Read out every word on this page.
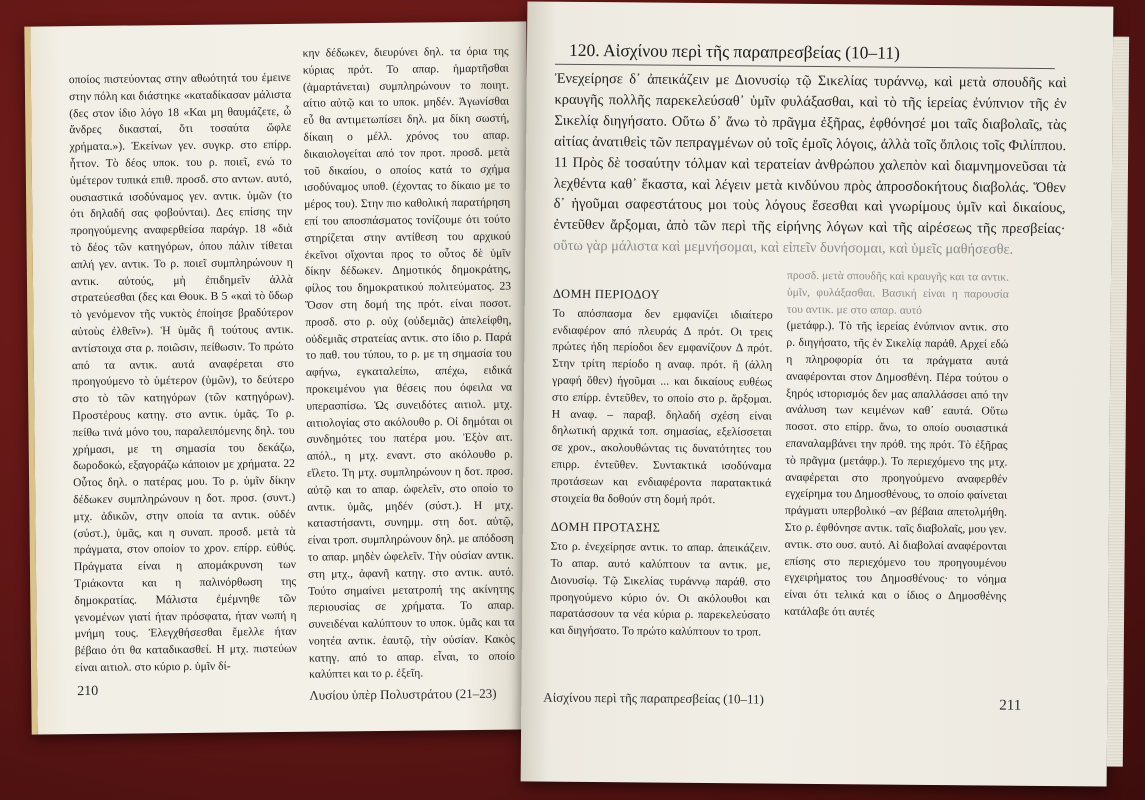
οποίος πιστεύοντας στην αθωότητά του έμεινε στην πόλη και διάστηκε «καταδίκασαν μάλιστα (δες στον ίδιο λόγο 18 «Και μη θαυμάζετε, ὦ ἄνδρες δικασταί, ὅτι τοσαύτα ὤφλε χρήματα.»). Ἐκείνων γεν. συγκρ. στο επίρρ. ἧττον. Τὸ δέος υποκ. του ρ. ποιεῖ, ενώ το ὑμέτερον τυπικά επιθ. προσδ. στο αντων. αυτό, ουσιαστικά ισοδύναμος γεν. αντικ. ὑμῶν (το ότι δηλαδή σας φοβούνται). Δες επίσης την προηγούμενης αναφερθείσα παράγρ. 18 «διὰ τὸ δέος τῶν κατηγόρων, όπου πάλιν τίθεται απλή γεν. αντικ. Το ρ. ποιεῖ συμπληρώνουν η αντικ. αὐτούς, μὴ ἐπιδημεῖν ἀλλὰ στρατεύεσθαι (δες και Θουκ. Β 5 «καὶ τὸ ὕδωρ τὸ γενόμενον τῆς νυκτὸς ἐποίησε βραδύτερον αὐτοὺς ἐλθεῖν»). Ἡ ὑμᾶς ἢ τούτους αντικ. αντίστοιχα στα ρ. ποιῶσιν, πείθωσιν. Το πρώτο από τα αντικ. αυτά αναφέρεται στο προηγούμενο τὸ ὑμέτερον (ὑμῶν), το δεύτερο στο τὸ τῶν κατηγόρων (τῶν κατηγόρων). Προστέρους κατηγ. στο αντικ. ὑμᾶς. Το ρ. πείθω τινά μόνο του, παραλειπόμενης δηλ. του χρήμασι, με τη σημασία του δεκάζω, δωροδοκώ, εξαγοράζω κάποιον με χρήματα. 22 Οὗτος δηλ. ο πατέρας μου. Το ρ. ὑμῖν δίκην δέδωκεν συμπληρώνουν η δοτ. προσ. (συντ.) μτχ. ἀδικῶν, στην οποία τα αντικ. οὐδέν (σύστ.), ὑμᾶς, και η συναπ. προσδ. μετὰ τὰ πράγματα, στον οποίον το χρον. επίρρ. εὐθύς. Πράγματα είναι η απομάκρυνση των Τριάκοντα και η παλινόρθωση της δημοκρατίας. Μάλιστα ἐμέμνηθε τῶν γενομένων γιατί ήταν πρόσφατα, ήταν νωπή η μνήμη τους. Ἐλεγχθήσεσθαι ἔμελλε ήταν βέβαιο ότι θα καταδικασθεί. Η μτχ. πιστεύων είναι αιτιολ. στο κύριο ρ. ὑμῖν δί-

κην δέδωκεν, διευρύνει δηλ. τα όρια της κύριας πρότ. Το απαρ. ἡμαρτῆσθαι (ἁμαρτάνεται) συμπληρώνουν το ποιητ. αίτιο αὐτῷ και το υποκ. μηδέν. Ἀγωνίσθαι εὖ θα αντιμετωπίσει δηλ. μα δίκη σωστή, δίκαιη ο μέλλ. χρόνος του απαρ. δικαιολογείται από τον προτ. προσδ. μετὰ τοῦ δικαίου, ο οποίος κατά το σχήμα ισοδύναμος υποθ. (έχοντας το δίκαιο με το μέρος του). Στην πιο καθολική παρατήρηση επί του αποσπάσματος τονίζουμε ότι τούτο στηρίζεται στην αντίθεση του αρχικού ἐκεῖνοι οἴχονται προς το οὗτος δὲ ὑμῖν δίκην δέδωκεν. Δημοτικός δημοκράτης, φίλος του δημοκρατικού πολιτεύματος. 23 Ὅσον στη δομή της πρότ. είναι ποσοτ. προσδ. στο ρ. οὐχ (οὐδεμιᾶς) ἀπελείφθη, οὐδεμιᾶς στρατείας αντικ. στο ίδιο ρ. Παρά το παθ. του τύπου, το ρ. με τη σημασία του αφήνω, εγκαταλείπω, απέχω, ειδικά προκειμένου για θέσεις που όφειλα να υπερασπίσω. Ὡς συνειδότες αιτιολ. μτχ. αιτιολογίας στο ακόλουθο ρ. Οἱ δημόται οι συνδημότες του πατέρα μου. Ἐξὸν αιτ. απόλ., η μτχ. εναντ. στο ακόλουθο ρ. εἵλετο. Τη μτχ. συμπληρώνουν η δοτ. προσ. αὐτῷ και το απαρ. ὠφελεῖν, στο οποίο το αντικ. ὑμᾶς, μηδέν (σύστ.). Η μτχ. καταστήσαντι, συνημμ. στη δοτ. αὐτῷ, είναι τροπ. συμπληρώνουν δηλ. με απόδοση το απαρ. μηδὲν ὠφελεῖν. Τὴν οὐσίαν αντικ. στη μτχ., ἀφανῆ κατηγ. στο αντικ. αυτό. Τούτο σημαίνει μετατροπή της ακίνητης περιουσίας σε χρήματα. Το απαρ. συνειδέναι καλύπτουν το υποκ. ὑμᾶς και τα νοητέα αντικ. ἑαυτῷ, τὴν οὐσίαν. Κακὸς κατηγ. από το απαρ. εἶναι, το οποίο καλύπτει και το ρ. ἐξεῖη.

210	Λυσίου ὑπὲρ Πολυστράτου (21–23)
120. Αἰσχίνου περὶ τῆς παραπρεσβείας (10–11)
Ἐνεχείρησε δ᾽ ἀπεικάζειν με Διονυσίῳ τῷ Σικελίας τυράννῳ, καὶ μετὰ σπουδῆς καὶ κραυγῆς πολλῆς παρεκελεύσαθ᾽ ὑμῖν φυλάξασθαι, καὶ τὸ τῆς ἱερείας ἐνύπνιον τῆς ἐν Σικελίᾳ διηγήσατο. Οὕτω δ᾽ ἄνω τὸ πρᾶγμα ἐξῆρας, ἐφθόνησέ μοι ταῖς διαβολαῖς, τὰς αἰτίας ἀνατιθεὶς τῶν πεπραγμένων οὐ τοῖς ἐμοῖς λόγοις, ἀλλὰ τοῖς ὅπλοις τοῖς Φιλίππου. 11 Πρὸς δὲ τοσαύτην τόλμαν καὶ τερατείαν ἀνθρώπου χαλεπὸν καὶ διαμνημονεῦσαι τὰ λεχθέντα καθ᾽ ἕκαστα, καὶ λέγειν μετὰ κινδύνου πρὸς ἀπροσδοκήτους διαβολάς. Ὅθεν δ᾽ ἡγοῦμαι σαφεστάτους μοι τοὺς λόγους ἔσεσθαι καὶ γνωρίμους ὑμῖν καὶ δικαίους, ἐντεῦθεν ἄρξομαι, ἀπὸ τῶν περὶ τῆς εἰρήνης λόγων καὶ τῆς αἱρέσεως τῆς πρεσβείας· οὕτω γὰρ μάλιστα καὶ μεμνήσομαι, καὶ εἰπεῖν δυνήσομαι, καὶ ὑμεῖς μαθήσεσθε.
ΔΟΜΗ ΠΕΡΙΟΔΟΥ

Το απόσπασμα δεν εμφανίζει ιδιαίτερο ενδιαφέρον από πλευράς Δ πρότ. Οι τρεις πρώτες ήδη περίοδοι δεν εμφανίζουν Δ πρότ. Στην τρίτη περίοδο η αναφ. πρότ. ἣ (άλλη γραφή ὅθεν) ἡγοῦμαι ... και δικαίους ευθέως στο επίρρ. ἐντεῦθεν, το οποίο στο ρ. ἄρξομαι. Η αναφ. – παραβ. δηλαδή σχέση είναι δηλωτική αρχικά τοπ. σημασίας, εξελίσσεται σε χρον., ακολουθώντας τις δυνατότητες του επιρρ. ἐντεῦθεν. Συντακτικά ισοδύναμα προτάσεων και ενδιαφέροντα παρατακτικά στοιχεία θα δοθούν στη δομή πρότ.

ΔΟΜΗ ΠΡΟΤΑΣΗΣ

Στο ρ. ἐνεχείρησε αντικ. το απαρ. ἀπεικάζειν. Το απαρ. αυτό καλύπτουν τα αντικ. με, Διονυσίῳ. Τῷ Σικελίας τυράννῳ παράθ. στο προηγούμενο κύριο όν. Οι ακόλουθοι και παρατάσσουν τα νέα κύρια ρ. παρεκελεύσατο και διηγήσατο. Το πρώτο καλύπτουν το τροπ.

προσδ. μετὰ σπουδῆς καὶ κραυγῆς και τα αντικ. ὑμῖν, φυλάξασθαι. Βασική είναι η παρουσία του αντικ. με στο απαρ. αυτό

(μετάφρ.). Τὸ τῆς ἱερείας ἐνύπνιον αντικ. στο ρ. διηγήσατο, τῆς ἐν Σικελίᾳ παράθ. Αρχεί εδώ η πληροφορία ότι τα πράγματα αυτά αναφέρονται στον Δημοσθένη. Πέρα τούτου ο ξηρός ιστορισμός δεν μας απαλλάσσει από την ανάλυση των κειμένων καθ᾽ εαυτά. Οὕτω ποσοτ. στο επίρρ. ἄνω, το οποίο ουσιαστικά επαναλαμβάνει την πρόθ. της πρότ. Τὸ ἐξῆρας τὸ πρᾶγμα (μετάφρ.). Το περιεχόμενο της μτχ. αναφέρεται στο προηγούμενο αναφερθέν εγχείρημα του Δημοσθένους, το οποίο φαίνεται πράγματι υπερβολικό –αν βέβαια απετολμήθη. Στο ρ. ἐφθόνησε αντικ. ταῖς διαβολαῖς, μου γεν. αντικ. στο ουσ. αυτό. Αἱ διαβολαί αναφέρονται επίσης στο περιεχόμενο του προηγουμένου εγχειρήματος του Δημοσθένους· το νόημα είναι ότι τελικά και ο ίδιος ο Δημοσθένης κατάλαβε ότι αυτές

Αἰσχίνου περὶ τῆς παραπρεσβείας (10–11)	211
